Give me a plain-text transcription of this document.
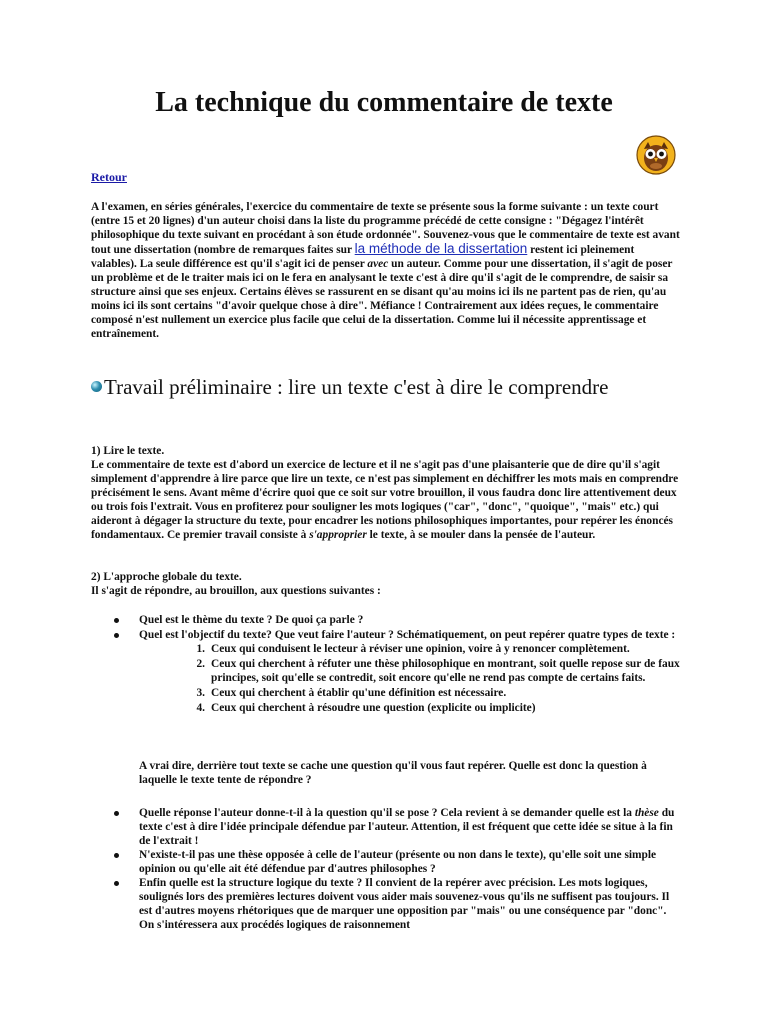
La technique du commentaire de texte
Retour

A l'examen, en séries générales, l'exercice du commentaire de texte se présente sous la forme suivante : un texte court (entre 15 et 20 lignes) d'un auteur choisi dans la liste du programme précédé de cette consigne : "Dégagez l'intérêt philosophique du texte suivant en procédant à son étude ordonnée". Souvenez-vous que le commentaire de texte est avant tout une dissertation (nombre de remarques faites sur la méthode de la dissertation restent ici pleinement valables). La seule différence est qu'il s'agit ici de penser avec un auteur. Comme pour une dissertation, il s'agit de poser un problème et de le traiter mais ici on le fera en analysant le texte c'est à dire qu'il s'agit de le comprendre, de saisir sa structure ainsi que ses enjeux. Certains élèves se rassurent en se disant qu'au moins ici ils ne partent pas de rien, qu'au moins ici ils sont certains "d'avoir quelque chose à dire". Méfiance ! Contrairement aux idées reçues, le commentaire composé n'est nullement un exercice plus facile que celui de la dissertation. Comme lui il nécessite apprentissage et entraînement.

Travail préliminaire : lire un texte c'est à dire le comprendre

1) Lire le texte.
Le commentaire de texte est d'abord un exercice de lecture et il ne s'agit pas d'une plaisanterie que de dire qu'il s'agit simplement d'apprendre à lire parce que lire un texte, ce n'est pas simplement en déchiffrer les mots mais en comprendre précisément le sens. Avant même d'écrire quoi que ce soit sur votre brouillon, il vous faudra donc lire attentivement deux ou trois fois l'extrait. Vous en profiterez pour souligner les mots logiques ("car", "donc", "quoique", "mais" etc.) qui aideront à dégager la structure du texte, pour encadrer les notions philosophiques importantes, pour repérer les énoncés fondamentaux. Ce premier travail consiste à s'approprier le texte, à se mouler dans la pensée de l'auteur.

2) L'approche globale du texte.
Il s'agit de répondre, au brouillon, aux questions suivantes :

Quel est le thème du texte ? De quoi ça parle ?
Quel est l'objectif du texte? Que veut faire l'auteur ? Schématiquement, on peut repérer quatre types de texte :
1. Ceux qui conduisent le lecteur à réviser une opinion, voire à y renoncer complètement.
2. Ceux qui cherchent à réfuter une thèse philosophique en montrant, soit quelle repose sur de faux principes, soit qu'elle se contredit, soit encore qu'elle ne rend pas compte de certains faits.
3. Ceux qui cherchent à établir qu'une définition est nécessaire.
4. Ceux qui cherchent à résoudre une question (explicite ou implicite)

A vrai dire, derrière tout texte se cache une question qu'il vous faut repérer. Quelle est donc la question à laquelle le texte tente de répondre ?

Quelle réponse l'auteur donne-t-il à la question qu'il se pose ? Cela revient à se demander quelle est la thèse du texte c'est à dire l'idée principale défendue par l'auteur. Attention, il est fréquent que cette idée se situe à la fin de l'extrait !
N'existe-t-il pas une thèse opposée à celle de l'auteur (présente ou non dans le texte), qu'elle soit une simple opinion ou qu'elle ait été défendue par d'autres philosophes ?
Enfin quelle est la structure logique du texte ? Il convient de la repérer avec précision. Les mots logiques, soulignés lors des premières lectures doivent vous aider mais souvenez-vous qu'ils ne suffisent pas toujours. Il est d'autres moyens rhétoriques que de marquer une opposition par "mais" ou une conséquence par "donc". On s'intéressera aux procédés logiques de raisonnement
